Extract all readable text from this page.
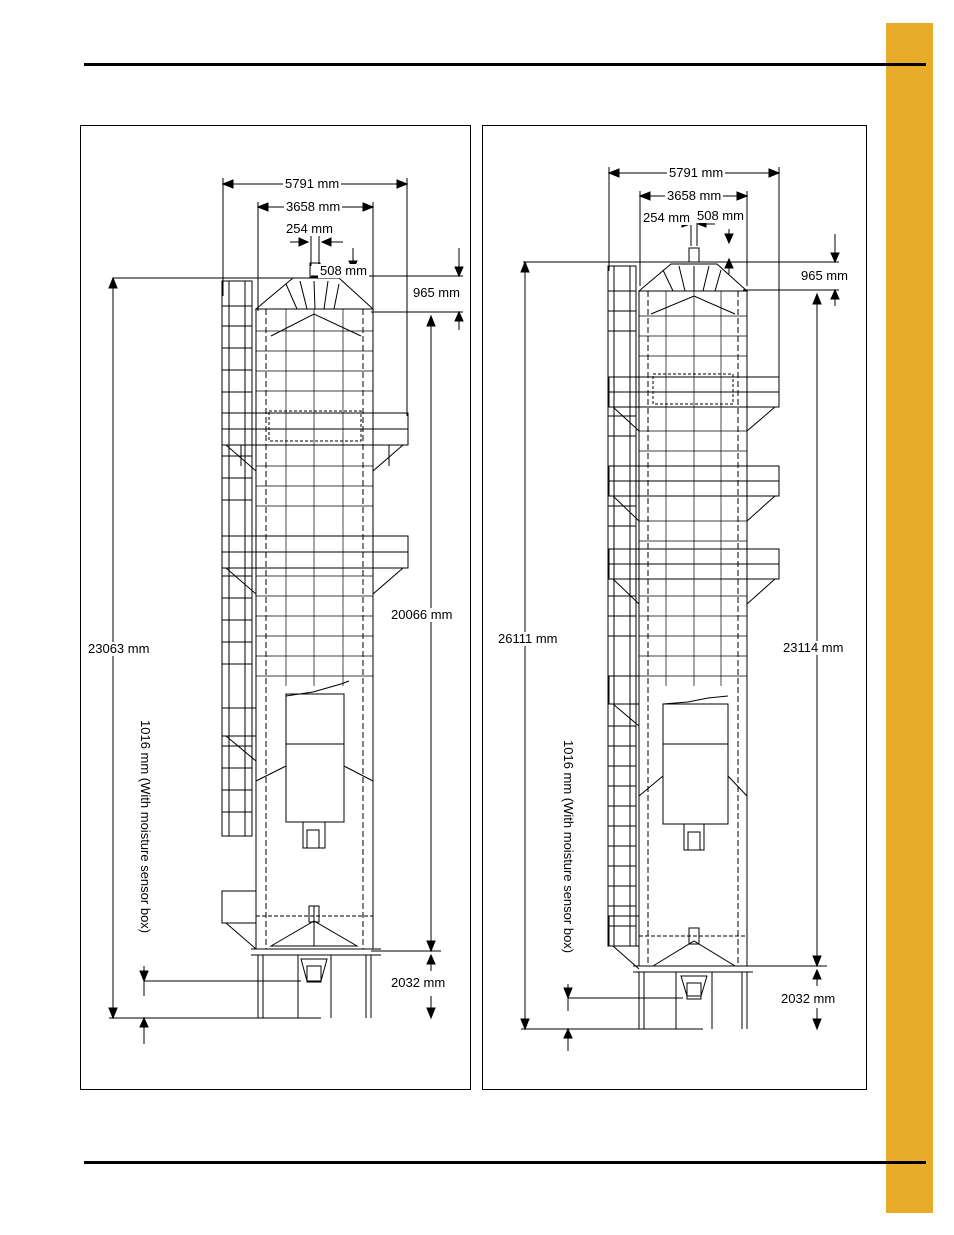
5791 mm
3658 mm
254 mm
508 mm
965 mm
23063 mm
20066 mm
2032 mm
1016 mm (With moisture sensor box)
5791 mm
3658 mm
254 mm 508 mm
965 mm
26111 mm
23114 mm
2032 mm
1016 mm (With moisture sensor box)
